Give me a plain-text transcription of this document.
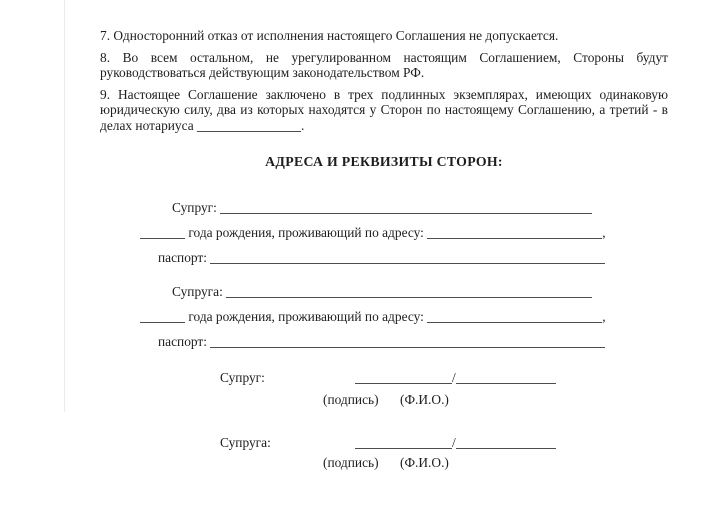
7. Односторонний отказ от исполнения настоящего Соглашения не допускается.

8. Во всем остальном, не урегулированном настоящим Соглашением, Стороны будут руководствоваться действующим законодательством РФ.

9. Настоящее Соглашение заключено в трех подлинных экземплярах, имеющих одинаковую юридическую силу, два из которых находятся у Сторон по настоящему Соглашению, а третий - в делах нотариуса	.

АДРЕСА И РЕКВИЗИТЫ СТОРОН:
Супруг:
года рождения, проживающий по адресу:	,
паспорт:
Супруга:
года рождения, проживающий по адресу:	,
паспорт:
Супруг:	/
(подпись) (Ф.И.О.)
Супруга:	/
(подпись) (Ф.И.О.)
